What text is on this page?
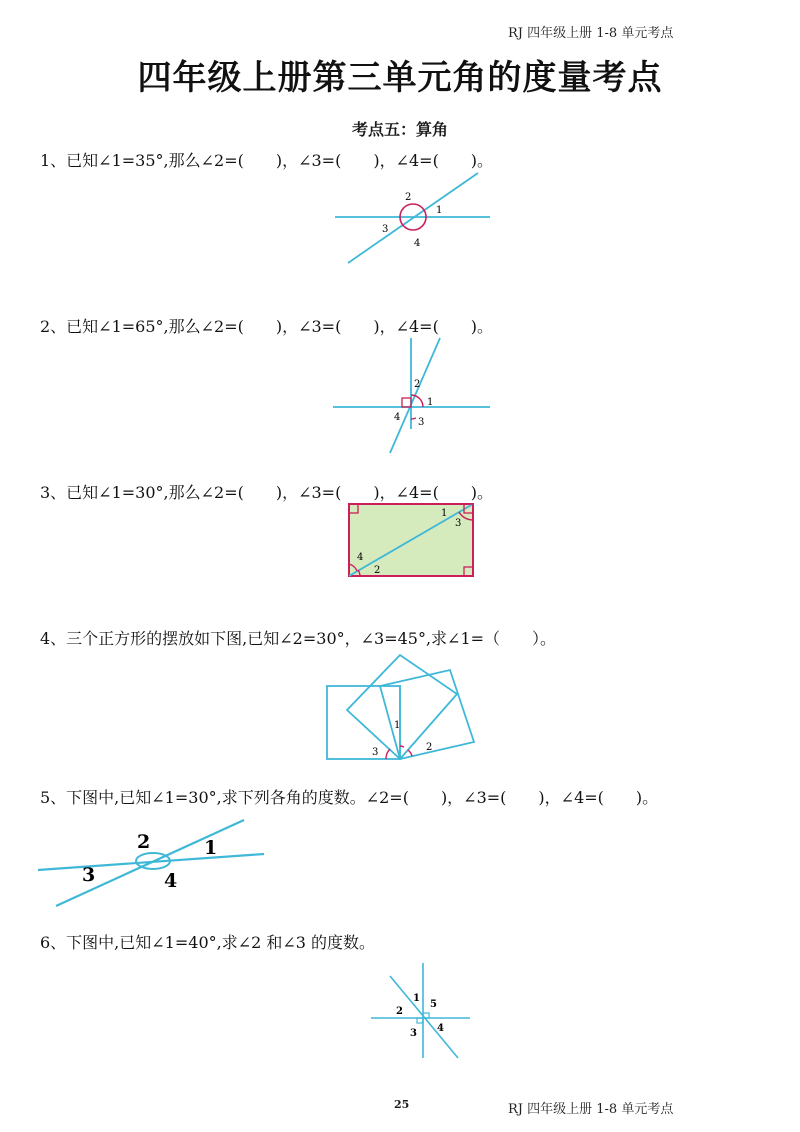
RJ 四年级上册 1-8 单元考点
四年级上册第三单元角的度量考点
考点五：算角
1、已知∠1=35°,那么∠2=(　　)，∠3=(　　)，∠4=(　　)。
1
2
3
4
2、已知∠1=65°,那么∠2=(　　)，∠3=(　　)，∠4=(　　)。
1
2
3
4
3、已知∠1=30°,那么∠2=(　　)，∠3=(　　)，∠4=(　　)。
1
2
3
4
4、三个正方形的摆放如下图,已知∠2=30°，∠3=45°,求∠1=（　　）。
1
2
3
5、下图中,已知∠1=30°,求下列各角的度数。∠2=(　　)，∠3=(　　)，∠4=(　　)。
1
2
3	4
6、下图中,已知∠1=40°,求∠2 和∠3 的度数。
1
2
3 4
5
25	RJ 四年级上册 1-8 单元考点
